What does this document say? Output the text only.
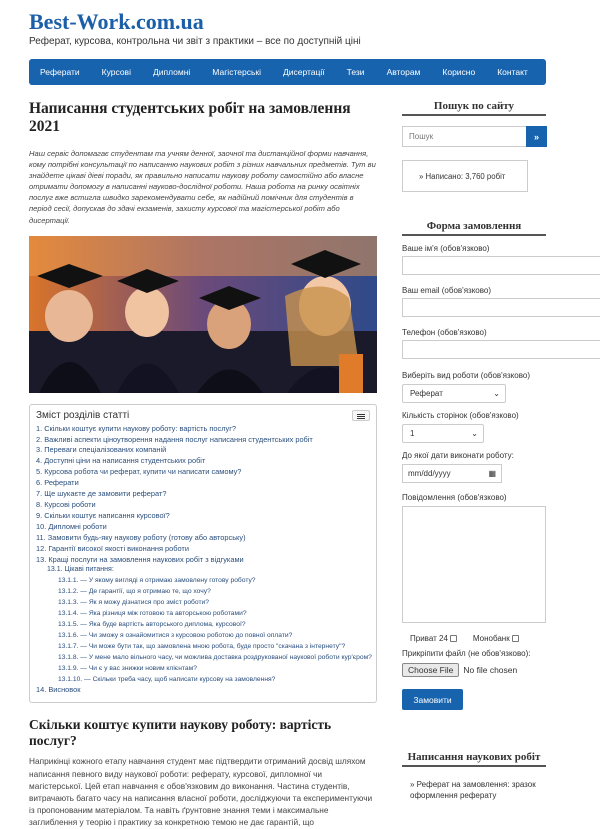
Best-Work.com.ua
Реферат, курсова, контрольна чи звіт з практики – все по доступній ціні
Реферати	Курсові	Дипломні	Магістерські	Дисертації	Тези	Авторам	Корисно	Контакт
Написання студентських робіт на замовлення 2021

Наш сервіс допомагає студентам та учням денної, заочної та дистанційної форми навчання, кому потрібні консультації по написанню наукових робіт з різних навчальних предметів. Тут ви знайдете цікаві діеві поради, як правильно написати наукову роботу самостійно або власне отримати допомогу в написанні науково-дослідної роботи. Наша робота на ринку освітніх послуг вже встигла швидко зарекомендувати себе, як надійний помічник для студентів в період сесії, допускав до здачі екзаменів, захисту курсової та магістерської робіт або дисертації.

Зміст розділів статті
1. Скільки коштує купити наукову роботу: вартість послуг?
2. Важливі аспекти ціноутворення надання послуг написання студентських робіт
3. Переваги спеціалізованих компаній
4. Доступні ціни на написання студентських робіт
5. Курсова робота чи реферат, купити чи написати самому?
6. Реферати
7. Ще шукаєте де замовити реферат?
8. Курсові роботи
9. Скільки коштує написання курсової?
10. Дипломні роботи
11. Замовити будь-яку наукову роботу (готову або авторську)
12. Гарантії високої якості виконання роботи
13. Кращі послуги на замовлення наукових робіт з відгуками
13.1. Цікаві питання:
13.1.1. — У якому вигляді я отримаю замовлену готову роботу?
13.1.2. — Де гарантії, що я отримаю те, що хочу?
13.1.3. — Як я можу дізнатися про зміст роботи?
13.1.4. — Яка різниця між готовою та авторською роботами?
13.1.5. — Яка буде вартість авторського диплома, курсової?
13.1.6. — Чи зможу я ознайомитися з курсовою роботою до повної оплати?
13.1.7. — Чи може бути так, що замовлена мною робота, буде просто "скачана з інтернету"?
13.1.8. — У мене мало вільного часу, чи можлива доставка роздрукованої наукової роботи кур'єром?
13.1.9. — Чи є у вас знижки новим клієнтам?
13.1.10. — Скільки треба часу, щоб написати курсову на замовлення?
14. Висновок
Скільки коштує купити наукову роботу: вартість послуг?

Наприкінці кожного етапу навчання студент має підтвердити отриманий досвід шляхом написання певного виду наукової роботи: реферату, курсової, дипломної чи магістерської. Цей етап навчання є обов'язковим до виконання. Частина студентів, витрачають багато часу на написання власної роботи, досліджуючи та експериментуючи із пропонованим матеріалом. Та навіть ґрунтовне знання теми і максимальне заглиблення у теорію і практику за конкретною темою не дає гарантій, що

Пошук по сайту
Пошук
»
» Написано: 3,760 робіт
Форма замовлення
Ваше ім'я (обов'язково)
Ваш email (обов'язково)
Телефон (обов'язково)
Виберіть вид роботи (обов'язково)
Реферат	⌄
Кількість сторінок (обов'язково)
1	⌄
До якої дати виконати роботу:
mm/dd/yyyy	▦
Повідомлення (обов'язково)
Приват 24	Монобанк
Прикріпити файл (не обов'язково):
Choose File	No file chosen
Замовити
Написання наукових робіт
» Реферат на замовлення: зразок оформлення реферату
